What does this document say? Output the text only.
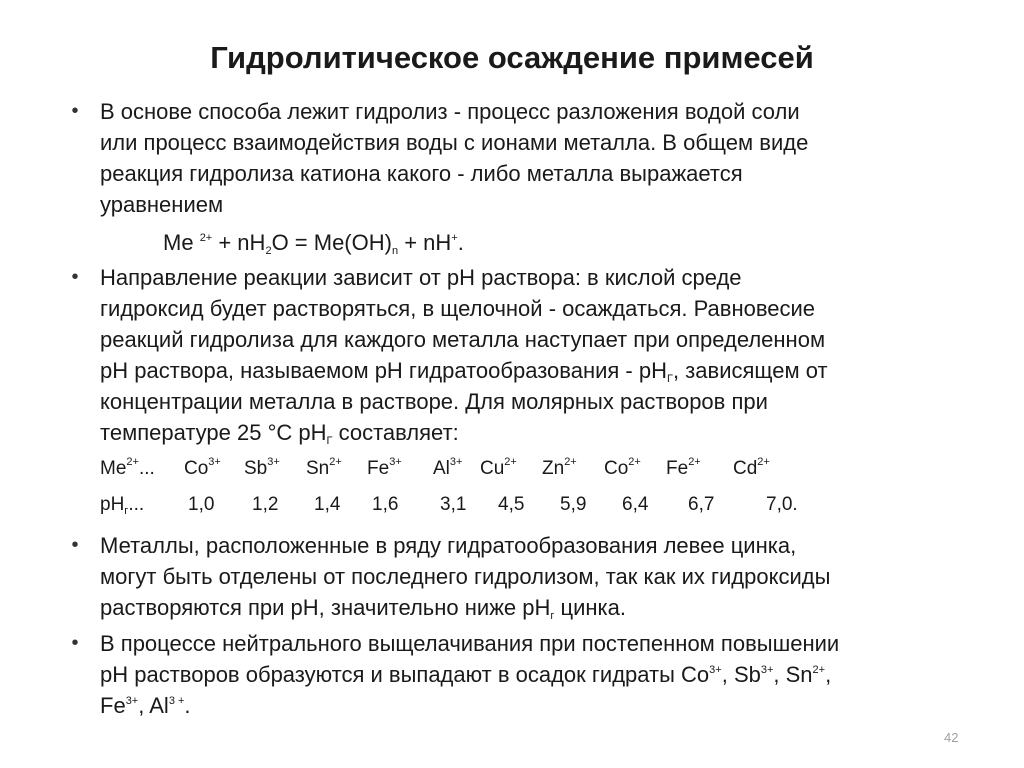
Гидролитическое осаждение примесей
• В основе способа лежит гидролиз - процесс разложения водой соли
или процесс взаимодействия воды с ионами металла. В общем виде
реакция гидролиза катиона какого - либо металла выражается
уравнением
Me $^{2+} + nH_2O = Me(OH)_n + nH^+$.
• Направление реакции зависит от рН раствора: в кислой среде
гидроксид будет растворяться, в щелочной - осаждаться. Равновесие
реакций гидролиза для каждого металла наступает при определенном
рН раствора, называемом рН гидратообразования - $рН_Г$, зависящем от
концентрации металла в растворе. Для молярных растворов при
температуре 25 °С $рН_Г$ составляет:
$Me^{2+}$... $Co^{3+}$ $Sb^{3+}$ $Sn^{2+}$ $Fe^{3+}$ $Al^{3+}$ $Cu^{2+}$ $Zn^{2+}$ $Co^{2+}$ $Fe^{2+}$ $Cd^{2+}$
$pH_г$... 1,0 1,2 1,4 1,6 3,1 4,5 5,9 6,4 6,7	7,0.
• Металлы, расположенные в ряду гидратообразования левее цинка,
могут быть отделены от последнего гидролизом, так как их гидроксиды
растворяются при рН, значительно ниже $рН_г$ цинка.
• В процессе нейтрального выщелачивания при постепенном повышении
рН растворов образуются и выпадают в осадок гидраты $Co^{3+}$, $Sb^{3+}$, $Sn^{2+}$,
$Fe^{3+}$, $Al^{3 +}$.
42
